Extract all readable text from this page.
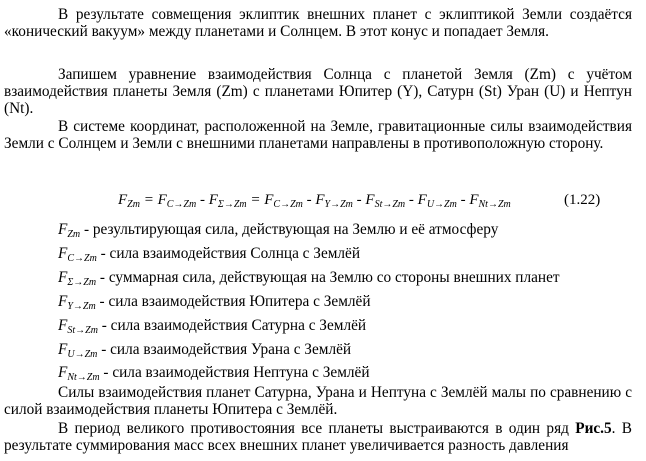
В результате совмещения эклиптик внешних планет с эклиптикой Земли создаётся «конический вакуум» между планетами и Солнцем. В этот конус и попадает Земля.

Запишем уравнение взаимодействия Солнца с планетой Земля (Zm) с учётом взаимодействия планеты Земля (Zm) с планетами Юпитер (Y), Сатурн (St) Уран (U) и Нептун (Nt).

В системе координат, расположенной на Земле, гравитационные силы взаимодействия Земли с Солнцем и Земли с внешними планетами направлены в противоположную сторону.

$F_{Zm} = F_{C\to Zm} - F_{\Sigma\to Zm} = F_{C\to Zm} - F_{Y\to Zm} - F_{St\to Zm} - F_{U\to Zm} - F_{Nt\to Zm}$	(1.22)
$F_{Zm}$ - результирующая сила, действующая на Землю и её атмосферу
$F_{C\to Zm}$ - сила взаимодействия Солнца с Землёй
$F_{\Sigma\to Zm}$ - суммарная сила, действующая на Землю со стороны внешних планет
$F_{Y\to Zm}$ - сила взаимодействия Юпитера с Землёй
$F_{St\to Zm}$ - сила взаимодействия Сатурна с Землёй
$F_{U\to Zm}$ - сила взаимодействия Урана с Землёй
$F_{Nt\to Zm}$ - сила взаимодействия Нептуна с Землёй

Силы взаимодействия планет Сатурна, Урана и Нептуна с Землёй малы по сравнению с силой взаимодействия планеты Юпитера с Землёй.

В период великого противостояния все планеты выстраиваются в один ряд Рис.5. В результате суммирования масс всех внешних планет увеличивается разность давления
